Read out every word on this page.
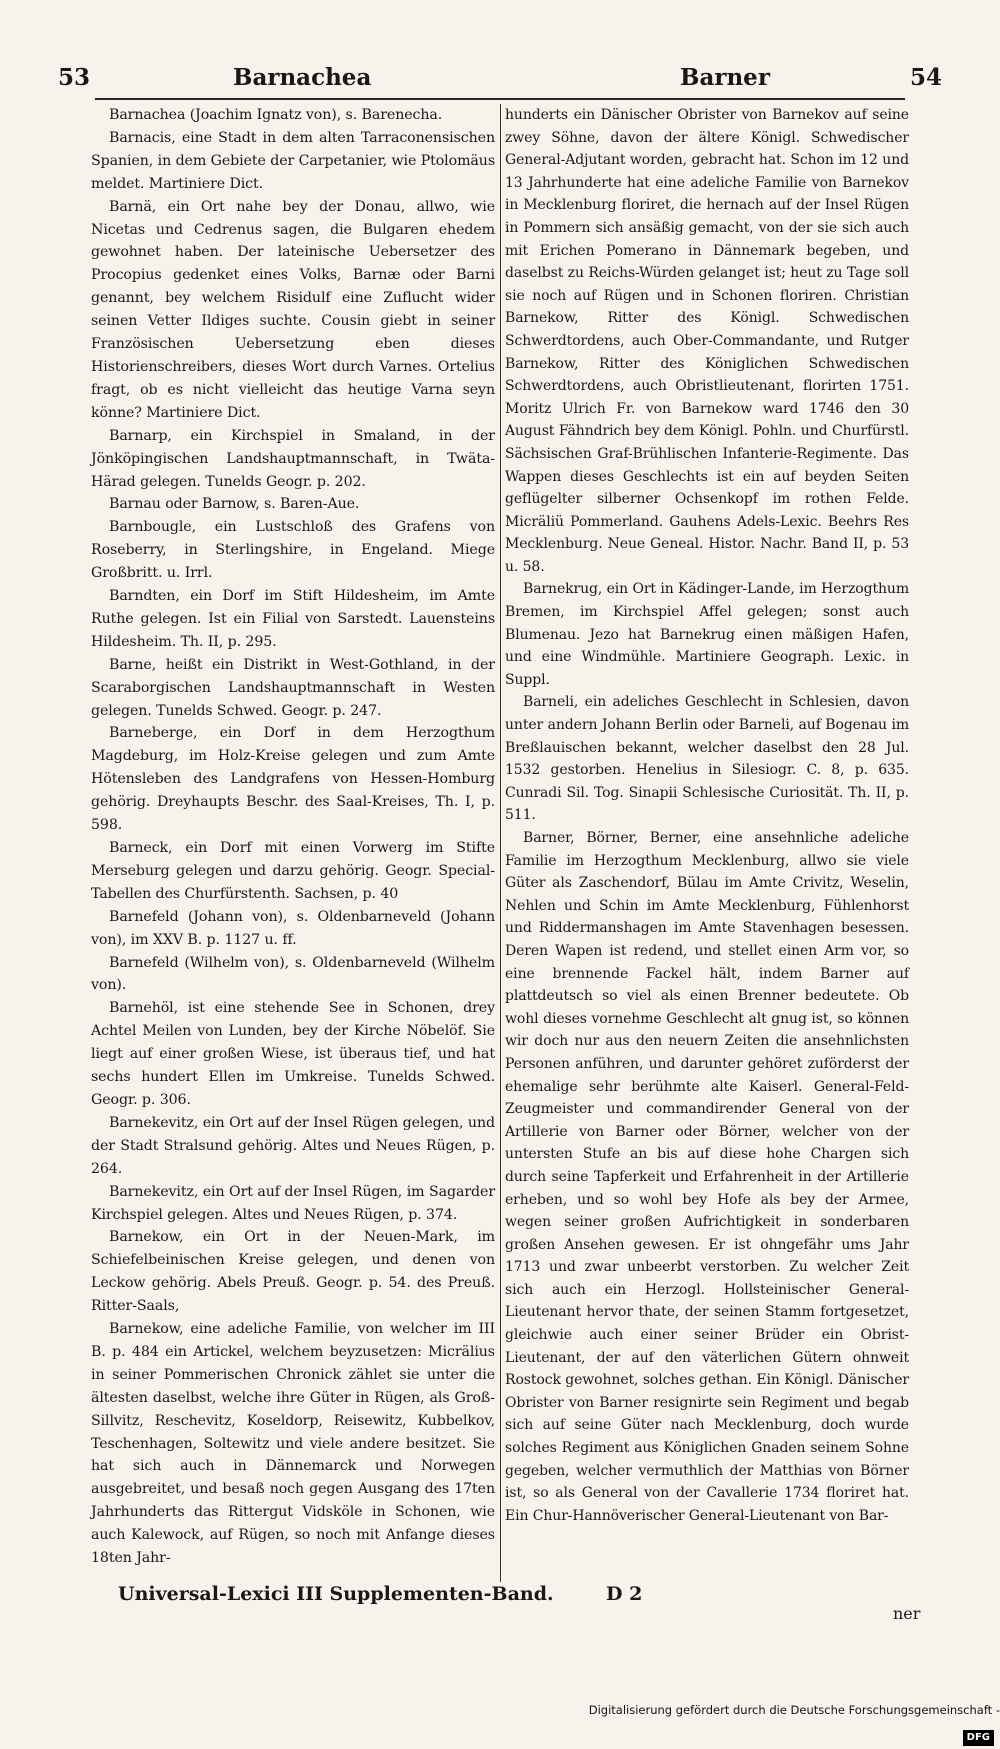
53	Barnachea	Barner	54

Barnachea (Joachim Ignatz von), s. Barenecha.

Barnacis, eine Stadt in dem alten Tarraconensischen Spanien, in dem Gebiete der Carpetanier, wie Ptolomäus meldet. Martiniere Dict.

Barnä, ein Ort nahe bey der Donau, allwo, wie Nicetas und Cedrenus sagen, die Bulgaren ehedem gewohnet haben. Der lateinische Uebersetzer des Procopius gedenket eines Volks, Barnæ oder Barni genannt, bey welchem Risidulf eine Zuflucht wider seinen Vetter Ildiges suchte. Cousin giebt in seiner Französischen Uebersetzung eben dieses Historienschreibers, dieses Wort durch Varnes. Ortelius fragt, ob es nicht vielleicht das heutige Varna seyn könne? Martiniere Dict.

Barnarp, ein Kirchspiel in Smaland, in der Jönköpingischen Landshauptmannschaft, in Twäta-Härad gelegen. Tunelds Geogr. p. 202.

Barnau oder Barnow, s. Baren-Aue.

Barnbougle, ein Lustschloß des Grafens von Roseberry, in Sterlingshire, in Engeland. Miege Großbritt. u. Irrl.

Barndten, ein Dorf im Stift Hildesheim, im Amte Ruthe gelegen. Ist ein Filial von Sarstedt. Lauensteins Hildesheim. Th. II, p. 295.

Barne, heißt ein Distrikt in West-Gothland, in der Scaraborgischen Landshauptmannschaft in Westen gelegen. Tunelds Schwed. Geogr. p. 247.

Barneberge, ein Dorf in dem Herzogthum Magdeburg, im Holz-Kreise gelegen und zum Amte Hötensleben des Landgrafens von Hessen-Homburg gehörig. Dreyhaupts Beschr. des Saal-Kreises, Th. I, p. 598.

Barneck, ein Dorf mit einen Vorwerg im Stifte Merseburg gelegen und darzu gehörig. Geogr. Special-Tabellen des Churfürstenth. Sachsen, p. 40

Barnefeld (Johann von), s. Oldenbarneveld (Johann von), im XXV B. p. 1127 u. ff.

Barnefeld (Wilhelm von), s. Oldenbarneveld (Wilhelm von).

Barnehöl, ist eine stehende See in Schonen, drey Achtel Meilen von Lunden, bey der Kirche Nöbelöf. Sie liegt auf einer großen Wiese, ist überaus tief, und hat sechs hundert Ellen im Umkreise. Tunelds Schwed. Geogr. p. 306.

Barnekevitz, ein Ort auf der Insel Rügen gelegen, und der Stadt Stralsund gehörig. Altes und Neues Rügen, p. 264.

Barnekevitz, ein Ort auf der Insel Rügen, im Sagarder Kirchspiel gelegen. Altes und Neues Rügen, p. 374.

Barnekow, ein Ort in der Neuen-Mark, im Schiefelbeinischen Kreise gelegen, und denen von Leckow gehörig. Abels Preuß. Geogr. p. 54. des Preuß. Ritter-Saals,

Barnekow, eine adeliche Familie, von welcher im III B. p. 484 ein Artickel, welchem beyzusetzen: Micrälius in seiner Pommerischen Chronick zählet sie unter die ältesten daselbst, welche ihre Güter in Rügen, als Groß-Sillvitz, Reschevitz, Koseldorp, Reisewitz, Kubbelkov, Teschenhagen, Soltewitz und viele andere besitzet. Sie hat sich auch in Dännemarck und Norwegen ausgebreitet, und besaß noch gegen Ausgang des 17ten Jahrhunderts das Rittergut Vidsköle in Schonen, wie auch Kalewock, auf Rügen, so noch mit Anfange dieses 18ten Jahr-

hunderts ein Dänischer Obrister von Barnekov auf seine zwey Söhne, davon der ältere Königl. Schwedischer General-Adjutant worden, gebracht hat. Schon im 12 und 13 Jahrhunderte hat eine adeliche Familie von Barnekov in Mecklenburg floriret, die hernach auf der Insel Rügen in Pommern sich ansäßig gemacht, von der sie sich auch mit Erichen Pomerano in Dännemark begeben, und daselbst zu Reichs-Würden gelanget ist; heut zu Tage soll sie noch auf Rügen und in Schonen floriren. Christian Barnekow, Ritter des Königl. Schwedischen Schwerdtordens, auch Ober-Commandante, und Rutger Barnekow, Ritter des Königlichen Schwedischen Schwerdtordens, auch Obristlieutenant, florirten 1751. Moritz Ulrich Fr. von Barnekow ward 1746 den 30 August Fähndrich bey dem Königl. Pohln. und Churfürstl. Sächsischen Graf-Brühlischen Infanterie-Regimente. Das Wappen dieses Geschlechts ist ein auf beyden Seiten geflügelter silberner Ochsenkopf im rothen Felde. Micräliü Pommerland. Gauhens Adels-Lexic. Beehrs Res Mecklenburg. Neue Geneal. Histor. Nachr. Band II, p. 53 u. 58.

Barnekrug, ein Ort in Kädinger-Lande, im Herzogthum Bremen, im Kirchspiel Affel gelegen; sonst auch Blumenau. Jezo hat Barnekrug einen mäßigen Hafen, und eine Windmühle. Martiniere Geograph. Lexic. in Suppl.

Barneli, ein adeliches Geschlecht in Schlesien, davon unter andern Johann Berlin oder Barneli, auf Bogenau im Breßlauischen bekannt, welcher daselbst den 28 Jul. 1532 gestorben. Henelius in Silesiogr. C. 8, p. 635. Cunradi Sil. Tog. Sinapii Schlesische Curiosität. Th. II, p. 511.

Barner, Börner, Berner, eine ansehnliche adeliche Familie im Herzogthum Mecklenburg, allwo sie viele Güter als Zaschendorf, Bülau im Amte Crivitz, Weselin, Nehlen und Schin im Amte Mecklenburg, Fühlenhorst und Riddermanshagen im Amte Stavenhagen besessen. Deren Wapen ist redend, und stellet einen Arm vor, so eine brennende Fackel hält, indem Barner auf plattdeutsch so viel als einen Brenner bedeutete. Ob wohl dieses vornehme Geschlecht alt gnug ist, so können wir doch nur aus den neuern Zeiten die ansehnlichsten Personen anführen, und darunter gehöret zuförderst der ehemalige sehr berühmte alte Kaiserl. General-Feld-Zeugmeister und commandirender General von der Artillerie von Barner oder Börner, welcher von der untersten Stufe an bis auf diese hohe Chargen sich durch seine Tapferkeit und Erfahrenheit in der Artillerie erheben, und so wohl bey Hofe als bey der Armee, wegen seiner großen Aufrichtigkeit in sonderbaren großen Ansehen gewesen. Er ist ohngefähr ums Jahr 1713 und zwar unbeerbt verstorben. Zu welcher Zeit sich auch ein Herzogl. Hollsteinischer General-Lieutenant hervor thate, der seinen Stamm fortgesetzet, gleichwie auch einer seiner Brüder ein Obrist-Lieutenant, der auf den väterlichen Gütern ohnweit Rostock gewohnet, solches gethan. Ein Königl. Dänischer Obrister von Barner resignirte sein Regiment und begab sich auf seine Güter nach Mecklenburg, doch wurde solches Regiment aus Königlichen Gnaden seinem Sohne gegeben, welcher vermuthlich der Matthias von Börner ist, so als General von der Cavallerie 1734 floriret hat. Ein Chur-Hannöverischer General-Lieutenant von Bar-

Universal-Lexici III Supplementen-Band.	D 2
ner
Digitalisierung gefördert durch die Deutsche Forschungsgemeinschaft -DFG
